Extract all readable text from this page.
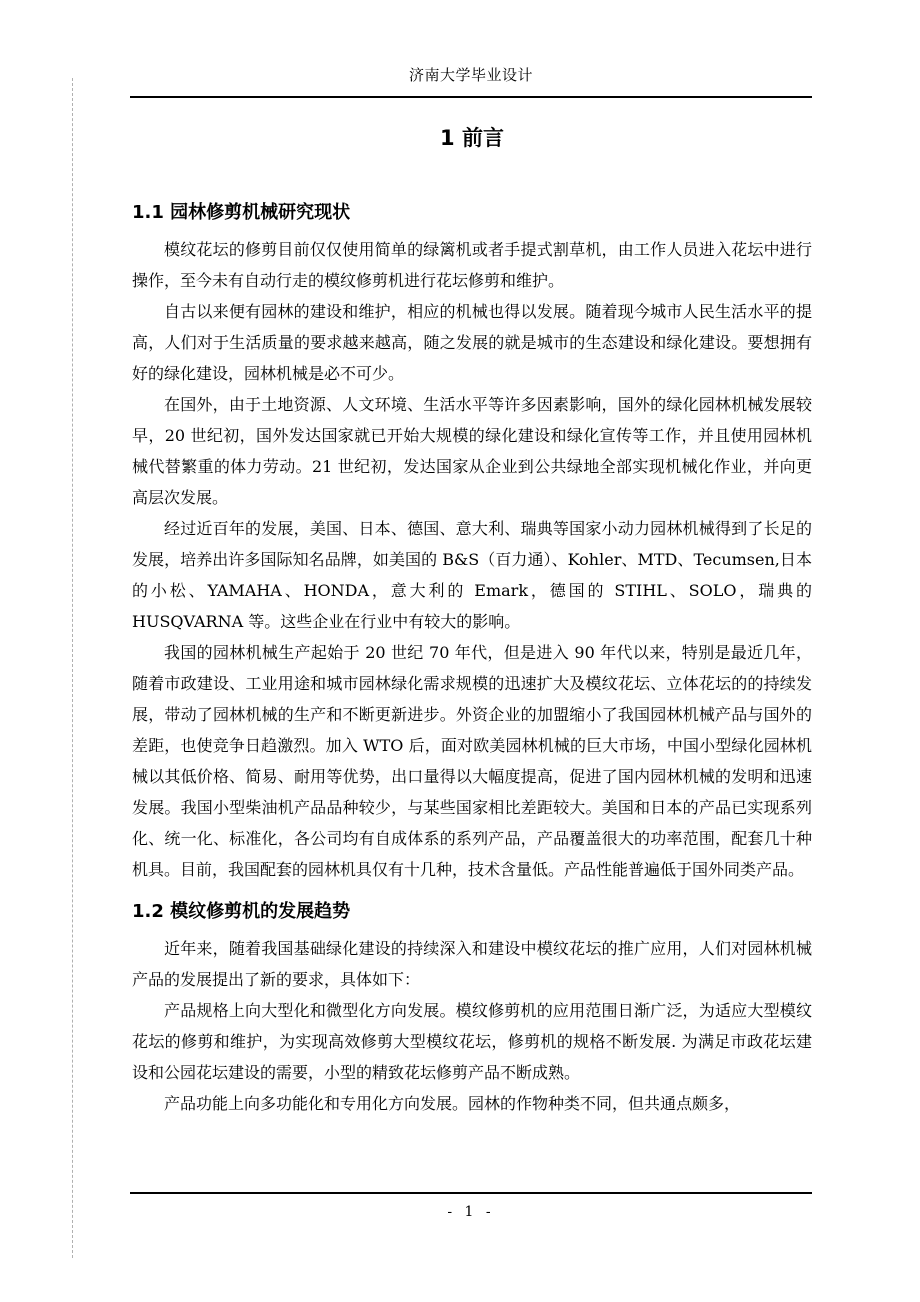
济南大学毕业设计
1 前言
1.1 园林修剪机械研究现状

模纹花坛的修剪目前仅仅使用简单的绿篱机或者手提式割草机，由工作人员进入花坛中进行操作，至今未有自动行走的模纹修剪机进行花坛修剪和维护。

自古以来便有园林的建设和维护，相应的机械也得以发展。随着现今城市人民生活水平的提高，人们对于生活质量的要求越来越高，随之发展的就是城市的生态建设和绿化建设。要想拥有好的绿化建设，园林机械是必不可少。

在国外，由于土地资源、人文环境、生活水平等许多因素影响，国外的绿化园林机械发展较早，20 世纪初，国外发达国家就已开始大规模的绿化建设和绿化宣传等工作，并且使用园林机械代替繁重的体力劳动。21 世纪初，发达国家从企业到公共绿地全部实现机械化作业，并向更高层次发展。

经过近百年的发展，美国、日本、德国、意大利、瑞典等国家小动力园林机械得到了长足的发展，培养出许多国际知名品牌，如美国的 B&S（百力通）、Kohler、MTD、Tecumsen,日本的小松、YAMAHA、HONDA，意大利的 Emark，德国的 STIHL、SOLO，瑞典的 HUSQVARNA 等。这些企业在行业中有较大的影响。

我国的园林机械生产起始于 20 世纪 70 年代，但是进入 90 年代以来，特别是最近几年，随着市政建设、工业用途和城市园林绿化需求规模的迅速扩大及模纹花坛、立体花坛的的持续发展，带动了园林机械的生产和不断更新进步。外资企业的加盟缩小了我国园林机械产品与国外的差距，也使竞争日趋激烈。加入 WTO 后，面对欧美园林机械的巨大市场，中国小型绿化园林机械以其低价格、简易、耐用等优势，出口量得以大幅度提高，促进了国内园林机械的发明和迅速发展。我国小型柴油机产品品种较少，与某些国家相比差距较大。美国和日本的产品已实现系列化、统一化、标准化，各公司均有自成体系的系列产品，产品覆盖很大的功率范围，配套几十种机具。目前，我国配套的园林机具仅有十几种，技术含量低。产品性能普遍低于国外同类产品。

1.2 模纹修剪机的发展趋势

近年来，随着我国基础绿化建设的持续深入和建设中模纹花坛的推广应用，人们对园林机械产品的发展提出了新的要求，具体如下：

产品规格上向大型化和微型化方向发展。模纹修剪机的应用范围日渐广泛，为适应大型模纹花坛的修剪和维护，为实现高效修剪大型模纹花坛，修剪机的规格不断发展. 为满足市政花坛建设和公园花坛建设的需要，小型的精致花坛修剪产品不断成熟。

产品功能上向多功能化和专用化方向发展。园林的作物种类不同，但共通点颇多，

- 1 -
